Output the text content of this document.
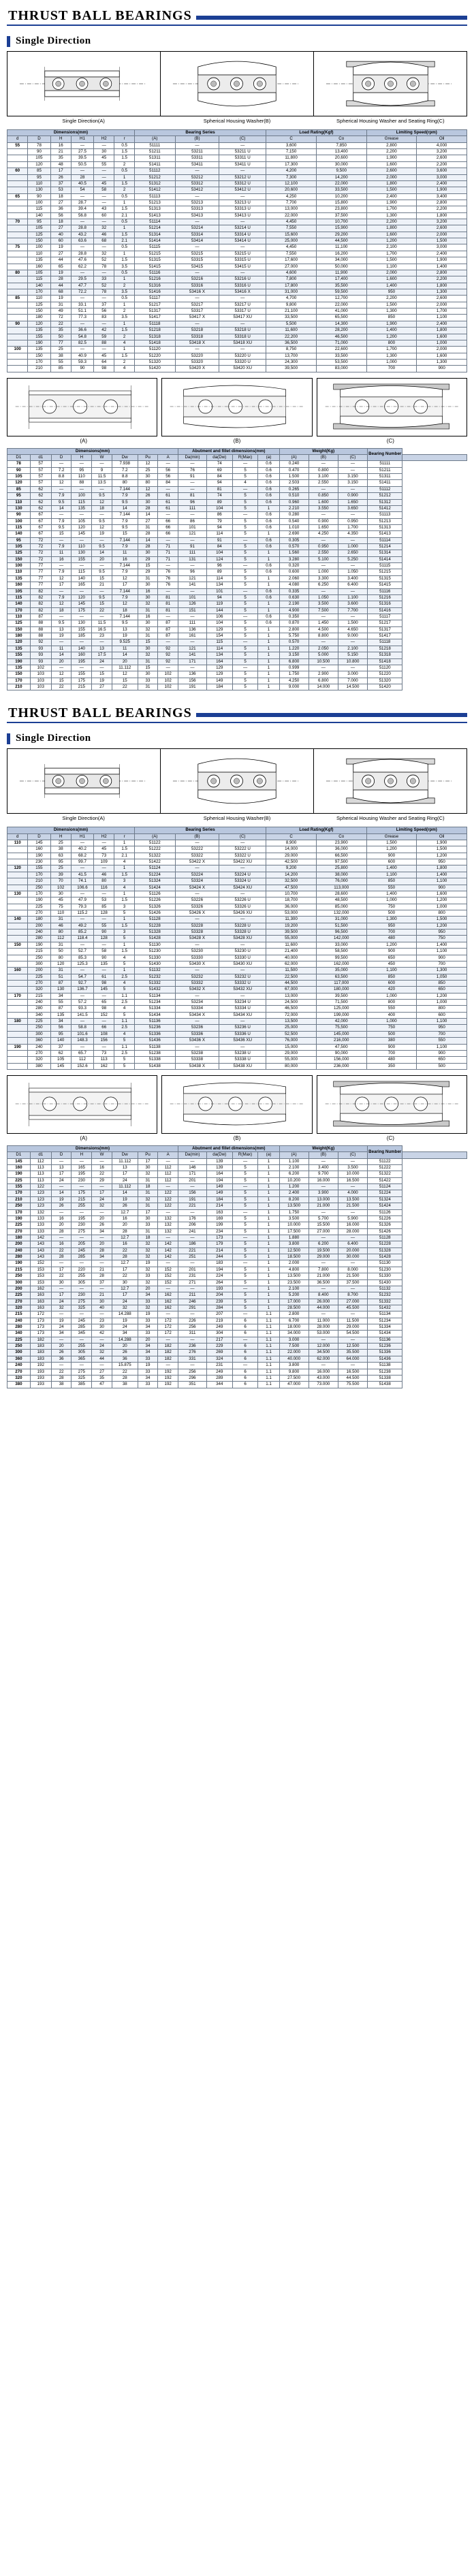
THRUST BALL BEARINGS
Single Direction
Single Direction(A)	Spherical Housing Washer(B)	Spherical Housing Washer and Seating Ring(C)
Dimensions(mm)						Bearing Series			Load Rating(Kgf)		Limiting Speed(rpm)	
d	D	H	H1	H2	r	(A)	(B)	(C)	C	Co	Grease	Oil
55	78	16	—	—	0.5	51111	—	—	3,600	7,850	2,800	4,000
	90	21	27.5	30	1.5	51211	53211	53211 U	7,150	13,400	2,200	3,200
	105	35	39.5	45	1.5	51311	53311	53311 U	11,800	20,600	1,900	2,600
	120	48	50.5	55	2	51411	53411	53411 U	17,300	30,000	1,600	2,200
60	85	17	—	—	0.5	51112	—	—	4,200	9,500	2,600	3,600
	95	26	28	—	1	51212	53212	53212 U	7,300	14,200	2,000	3,000
	110	37	40.5	45	1.5	51312	53312	53312 U	12,100	22,000	1,800	2,400
	130	53	54	58	2	51412	53412	53412 U	20,600	33,500	1,500	1,900
65	90	18	—	—	0.5	51113	—	—	4,250	10,200	2,400	3,400
	100	27	28.7	—	1	51213	53213	53213 U	7,700	15,800	1,900	2,800
	115	36	39.4	43	1.5	51313	53313	53313 U	13,000	23,800	1,700	2,200
	140	56	56.8	60	2.1	51413	53413	53413 U	22,000	37,500	1,300	1,800
70	95	18	—	—	0.5	51114	—	—	4,450	10,700	2,200	3,200
	105	27	28.8	32	1	51214	53214	53214 U	7,550	15,900	1,800	2,600
	125	40	43.2	46	1.5	51314	53314	53314 U	15,600	29,200	1,600	2,000
	150	60	63.6	68	2.1	51414	53414	53414 U	25,000	44,500	1,200	1,500
75	100	19	—	—	0.5	51115	—	—	4,450	11,100	2,100	3,000
	110	27	28.8	32	1	51215	53215	53215 U	7,550	16,200	1,700	2,400
	135	44	47.6	52	1.5	51315	53315	53315 U	17,600	34,000	1,500	1,900
	160	65	62.2	78	3.5	51415	53415	53415 U	27,000	50,000	1,100	1,400
80	105	19	—	—	0.5	51116	—	—	4,600	11,900	2,000	2,800
	115	28	29.5	33	1	51216	53216	53216 U	7,800	17,400	1,600	2,200
	140	44	47.7	52	2	51316	53316	53316 U	17,800	35,500	1,400	1,800
	170	68	72.2	78	3.5	51416	53416 X	53416 X	31,000	59,500	950	1,300
85	110	19	—	—	0.5	51117	—	—	4,700	12,700	2,200	2,600
	125	31	33.1	37	1	51217	53217	53217 U	9,800	22,000	1,500	2,000
	150	49	51.1	56	2	51317	53317	53317 U	21,100	41,000	1,300	1,700
	180	72	77.3	83	3.5	51417	53417 X	53417 XU	33,500	65,500	850	1,100
90	120	22	—	—	1	51118	—	—	5,500	14,300	1,900	2,400
	135	35	36.6	42	1.5	51218	53218	53218 U	11,600	28,200	1,400	1,800
	155	50	54.8	59	2	51318	53318	53318 U	22,200	46,500	1,200	1,600
	190	77	82.5	88	4	51418	53418 X	53418 XU	36,500	71,000	800	1,000
100	135	25	—	—	1	51120	—	—	8,750	22,600	1,700	2,000
	150	38	40.9	45	1.5	51220	53220	53220 U	13,700	33,500	1,300	1,600
	170	55	59.3	64	2	51320	53320	53320 U	24,300	53,500	1,000	1,300
	210	85	90	98	4	51420	53420 X	53420 XU	39,500	83,000	700	900
(A)	(B)	(C)
Dimensions(mm)								Abutment and fillet dimensions(mm)				Weight(Kg)			Bearing Number	
D1	d1	D	H	W	Dw	Pu	A	Da(min)	da(Dw)	R(Max)	(a)	(A)	(B)	(C)		
78	57	—	—	—	7.938	12	—	—	74	—	0.6	0.240	—	—	51111	
90	57	7.2	95	9	7.2	25	56	76	69	5	0.6	0.470	0.800	—	51211	
105	57	8.8	110	11.5	8.8	30	56	91	84	5	0.6	1.500	3.100	3.150	51311	
120	57	12	88	13.5	80	80	84	—	94	4	0.6	2.503	2.550	3.150	51411	
85	62	—	—	—	7.144	12	—	—	81	—	0.6	0.265	—	—	51112	
95	62	7.9	100	9.5	7.9	26	61	81	74	5	0.6	0.510	0.850	0.900	51212	
110	62	9.5	115	12	9.5	30	61	96	89	5	0.6	0.960	1.600	1.650	51312	
130	62	14	135	18	14	28	61	111	104	5	1	2.210	3.550	3.650	51412	
90	67	—	—	—	7.144	14	—	—	86	—	0.6	0.280	—	—	51113	
100	67	7.9	105	9.5	7.9	27	66	86	79	5	0.6	0.540	0.900	0.950	51213	
115	67	9.5	120	12	9.5	31	66	101	94	5	0.6	1.010	1.650	1.700	51313	
140	67	15	145	19	15	28	66	121	114	5	1	2.690	4.250	4.350	51413	
95	72	—	—	—	7.144	14	—	—	91	—	0.6	0.305	—	—	51114	
105	72	7.9	110	9.5	7.9	28	71	91	84	5	0.6	0.570	0.950	1.000	51214	
125	72	11	130	14	11	30	71	111	104	5	1	1.560	2.550	2.650	51314	
150	72	16	155	20	16	29	71	131	124	5	1	3.280	5.100	5.250	51414	
100	77	—	—	—	7.144	15	—	—	96	—	0.6	0.320	—	—	51115	
110	77	7.9	115	9.5	7.9	29	76	96	89	5	0.6	0.600	1.000	1.050	51215	
135	77	12	140	15	12	31	76	121	114	5	1	2.060	3.300	3.400	51315	
160	77	17	165	21	17	30	76	141	134	5	1	4.080	6.250	6.400	51415	
105	82	—	—	—	7.144	16	—	—	101	—	0.6	0.335	—	—	51116	
115	82	7.9	120	9.5	7.9	30	81	101	94	5	0.6	0.630	1.050	1.100	51216	
140	82	12	145	15	12	32	81	126	119	5	1	2.190	3.500	3.600	51316	
170	82	18	175	22	18	31	81	151	144	5	1	4.900	7.500	7.700	51416	
110	87	—	—	—	7.144	16	—	—	106	—	0.6	0.350	—	—	51117	
125	88	9.5	130	11.5	9.5	30	87	111	104	5	0.6	0.870	1.450	1.500	51217	
150	88	13	155	16.5	13	32	87	136	129	5	1	2.800	4.500	4.650	51317	
180	88	19	185	23	19	31	87	161	154	5	1	5.750	8.800	9.000	51417	
120	92	—	—	—	9.525	15	—	—	115	—	1	0.570	—	—	51118	
135	93	11	140	13	11	30	92	121	114	5	1	1.220	2.050	2.100	51218	
155	93	14	160	17.5	14	32	92	141	134	5	1	3.150	5.000	5.150	51318	
190	93	20	195	24	20	31	92	171	164	5	1	6.800	10.500	10.800	51418	
135	102	—	—	—	11.112	15	—	—	129	—	1	0.999	—	—	51120	
150	103	12	155	15	12	30	102	136	129	5	1	1.750	2.900	3.000	51220	
170	103	15	175	19	15	33	102	156	149	5	1	4.250	6.800	7.000	51320	
210	103	22	215	27	22	31	102	191	184	5	1	9.000	14.000	14.500	51420	
THRUST BALL BEARINGS
Single Direction
Single Direction(A)	Spherical Housing Washer(B)	Spherical Housing Washer and Seating Ring(C)
Dimensions(mm)						Bearing Series			Load Rating(Kgf)		Limiting Speed(rpm)	
d	D	H	H1	H2	r	(A)	(B)	(C)	C	Co	Grease	Oil
110	145	25	—	—	1	51122	—	—	8,900	23,900	1,500	1,900
	160	38	40.2	45	1.5	51222	53222	53222 U	14,000	36,000	1,200	1,500
	190	63	68.2	73	2.1	51322	53322	53322 U	29,000	66,500	900	1,200
	230	95	99.7	109	4	51422	53422 X	53422 XU	42,500	97,500	600	950
120	155	25	—	—	1	51124	—	—	9,200	25,800	1,400	1,800
	170	39	41.5	46	1.5	51224	53224	53224 U	14,200	38,000	1,100	1,400
	210	70	74.1	80	3	51324	53324	53324 U	32,500	76,000	850	1,100
	250	102	106.6	116	4	51424	53424 X	53424 XU	47,500	113,000	550	900
130	170	30	—	—	1	51126	—	—	10,700	28,600	1,400	1,600
	190	45	47.9	53	1.5	51226	53226	53226 U	18,700	48,500	1,000	1,200
	225	75	79.3	85	3	51326	53326	53326 U	36,000	85,000	750	1,000
	270	110	115.2	128	5	51426	53426 X	53426 XU	53,000	132,000	500	800
140	180	31	—	—	1	51128	—	—	11,300	31,000	1,300	1,500
	200	46	49.2	55	1.5	51228	53228	53228 U	19,200	51,500	950	1,200
	240	80	85.2	90	3	51328	53328	53328 U	39,500	96,500	700	950
	280	112	118.4	128	5	51428	53428 X	53428 XU	55,000	142,000	480	750
150	190	31	—	—	1	51130	—	—	11,600	33,000	1,200	1,400
	215	50	52.7	58	1.5	51230	53230	53230 U	21,400	58,500	900	1,100
	250	80	85.3	90	4	51330	53330	53330 U	40,000	99,500	650	900
	300	120	125.3	135	5	51430	53430 X	53430 XU	62,000	162,000	450	700
160	200	31	—	—	1	51132	—	—	11,500	35,000	1,100	1,300
	225	51	54.7	61	2.5	51232	53232	53232 U	22,500	63,500	850	1,050
	270	87	92.7	98	4	51332	53332	53332 U	44,500	117,000	600	850
	320	130	136.7	145	5	51432	53432 X	53432 XU	67,000	180,000	420	650
170	215	34	—	—	1.1	51134	—	—	13,000	39,500	1,000	1,200
	240	55	57.2	65	2.5	51234	53234	53234 U	24,500	71,500	800	1,000
	280	87	93.3	98	4	51334	53334	53334 U	46,500	125,000	550	800
	340	135	141.5	152	5	51434	53434 X	53434 XU	72,000	199,000	400	600
180	225	34	—	—	1.1	51136	—	—	13,500	42,000	1,000	1,100
	250	56	58.8	66	2.5	51236	53236	53236 U	25,000	75,500	750	950
	300	95	101.6	108	4	51336	53336	53336 U	52,500	145,000	500	700
	360	140	148.3	156	5	51436	53436 X	53436 XU	76,000	216,000	380	550
190	240	37	—	—	1.1	51138	—	—	15,000	47,500	900	1,100
	270	62	65.7	73	2.5	51238	53238	53238 U	29,000	90,000	700	900
	320	105	112	113	5	51338	53338	53338 U	55,000	156,000	480	650
	380	145	152.6	162	5	51438	53438 X	53438 XU	80,000	236,000	350	500
(A)	(B)	(C)
Dimensions(mm)								Abutment and fillet dimensions(mm)				Weight(Kg)			Bearing Number	
D1	d1	D	H	W	Dw	Pu	A	Da(min)	da(Dw)	R(Max)	(a)	(A)	(B)	(C)		
145	112	—	—	—	11.112	17	—	—	139	—	1	1.100	—	—	51122	
160	113	13	165	16	13	30	112	146	139	5	1	2.100	3.400	3.500	51222	
190	113	17	195	22	17	32	112	171	164	5	1	6.200	9.700	10.000	51322	
225	113	24	230	29	24	31	112	201	194	5	1	10.200	16.000	16.500	51422	
155	122	—	—	—	11.112	18	—	—	149	—	1	1.200	—	—	51124	
170	123	14	175	17	14	31	122	156	149	5	1	2.400	3.900	4.000	51224	
210	123	19	215	24	19	32	122	191	184	5	1	8.200	13.000	13.500	51324	
250	123	26	255	32	26	31	122	221	214	5	1	13.500	21.000	21.500	51424	
170	132	—	—	—	12.7	17	—	—	163	—	1	1.750	—	—	51126	
190	133	16	195	20	16	30	132	176	169	5	1	3.500	5.700	5.900	51226	
225	133	20	230	26	20	33	132	206	199	5	1	10.000	15.500	16.000	51326	
270	133	28	275	34	28	31	132	241	234	5	1	17.500	27.000	28.000	51426	
180	142	—	—	—	12.7	18	—	—	173	—	1	1.880	—	—	51128	
200	143	16	205	20	16	32	142	186	179	5	1	3.800	6.200	6.400	51228	
240	143	22	245	28	22	32	142	221	214	5	1	12.500	19.500	20.000	51328	
280	143	28	285	34	28	32	142	251	244	5	1	18.500	29.000	30.000	51428	
190	152	—	—	—	12.7	19	—	—	183	—	1	2.000	—	—	51130	
215	153	17	220	21	17	32	152	201	194	5	1	4.800	7.800	8.000	51230	
250	153	22	255	28	22	33	152	231	224	5	1	13.500	21.000	21.500	51330	
300	153	30	305	37	30	32	152	271	264	5	1	23.500	36.500	37.500	51430	
200	162	—	—	—	12.7	20	—	—	193	—	1	2.100	—	—	51132	
225	163	17	230	21	17	34	162	211	204	5	1	5.200	8.400	8.700	51232	
270	163	24	275	30	24	33	162	246	239	5	1	17.000	26.000	27.000	51332	
320	163	32	325	40	32	32	162	291	284	5	1	28.500	44.000	45.500	51432	
215	172	—	—	—	14.288	19	—	—	207	—	1.1	2.800	—	—	51134	
240	173	19	245	23	19	33	172	226	219	6	1.1	6.700	11.000	11.500	51234	
280	173	24	285	30	24	34	172	256	249	6	1.1	18.000	28.000	29.000	51334	
340	173	34	345	42	34	33	172	311	304	6	1.1	34.000	53.000	54.500	51434	
225	182	—	—	—	14.288	20	—	—	217	—	1.1	3.000	—	—	51136	
250	183	20	255	24	20	34	182	236	229	6	1.1	7.500	12.000	12.500	51236	
300	183	26	305	32	26	34	182	276	269	6	1.1	22.000	34.500	35.500	51336	
360	183	36	365	44	36	33	182	331	324	6	1.1	40.000	62.000	64.000	51436	
240	192	—	—	—	15.875	19	—	—	231	—	1.1	3.800	—	—	51138	
270	193	22	275	27	22	33	192	256	249	6	1.1	9.800	16.000	16.500	51238	
320	193	28	325	35	28	34	192	296	289	6	1.1	27.500	43.000	44.500	51338	
380	193	38	385	47	38	33	192	351	344	6	1.1	47.000	73.000	75.500	51438	
